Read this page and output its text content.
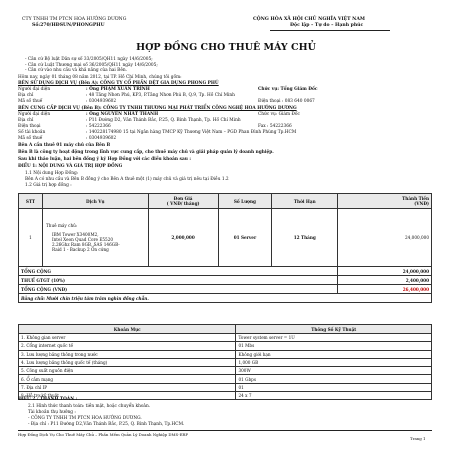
CTY TNHH TM PTCN HOA HƯỚNG DƯƠNG
Số:270/HĐSUN/PHONGPHU
CỘNG HÒA XÃ HỘI CHỦ NGHĨA VIỆT NAM
Độc lập – Tự do – Hạnh phúc
HỢP ĐỒNG CHO THUÊ MÁY CHỦ
- Căn cứ Bộ luật Dân sự số 33/2005/QH11 ngày 14/6/2005;
- Căn cứ Luật Thương mại số 36/2005/QH11 ngày 14/6/2005;
- Căn cứ vào nhu cầu và khả năng của hai Bên.
Hôm nay, ngày 01 tháng 08 năm 2012, tại TP. Hồ Chí Minh, chúng tôi gồm:
BÊN SỬ DỤNG DỊCH VỤ (Bên A): CÔNG TY CỔ PHẦN DỆT GIA DỤNG PHONG PHÚ
Người đại diện	: Ông PHẠM XUÂN TRÌNH	Chức vụ: Tổng Giám Đốc
Địa chỉ	: 48 Tăng Nhơn Phú, KP3, P.Tăng Nhơn Phú B, Q.9, Tp. Hồ Chí Minh
Mã số thuế	: 0304939602	Điện thoại : 083 640 0067
BÊN CUNG CẤP DỊCH VỤ (Bên B): CÔNG TY TNHH THƯƠNG MẠI PHÁT TRIỂN CÔNG NGHỆ HOA HƯỚNG DƯƠNG
Người đại diện	: Ông NGUYỄN NHẤT THANH	Chức vụ: Giám Đốc
Địa chỉ	: P11 Đường D2, Văn Thánh Bắc, P.25, Q. Bình Thạnh, Tp. Hồ Chí Minh
Điện thoại	: 54222366	Fax : 54222366
Số tài khoản	: 140228174980 15 tại Ngân hàng TMCP Kỹ Thương Việt Nam – PGD Phan Đình Phùng Tp.HCM
Mã số thuế	: 0304939602
Bên A cần thuê 01 máy chủ của Bên B
Bên B là công ty hoạt động trong lĩnh vực cung cấp, cho thuê máy chủ và giải pháp quản lý doanh nghiệp.
Sau khi thảo luận, hai bên đồng ý ký Hợp Đồng với các điều khoản sau :
ĐIỀU 1: NỘI DUNG VÀ GIÁ TRỊ HỢP ĐỒNG
1.1 Nội dung Hợp Đồng:
Bên A có nhu cầu và Bên B đồng ý cho Bên A thuê một (1) máy chủ và giá trị nêu tại Điều 1.2
1.2 Giá trị hợp đồng :
STT	Dịch Vụ	Đơn Giá
( VNĐ/ tháng)	Số Lượng	Thời Hạn	Thành Tiền
(VNĐ)
1	Thuê máy chủ:
IBM Tower X3400M2,
Intel Xeon Quad Core E5520
2.26Ghz Ram 8GB, SAS 146GB-
Raid 1 - Backup 2 Ổn cứng	2,000,000	01 Server	12 Tháng	24,000,000
TỔNG CỘNG					24,000,000
THUẾ GTGT (10%)					2,400,000
TỔNG CỘNG (VNĐ)					26,400,000
Bằng chữ: Mười chín triệu tám trăm nghìn đồng chẵn.					
Khoản Mục	Thông Số Kỹ Thuật
1. Không gian server	Tower system server = 1U
2. Cổng internet quốc tế	01 Mbs
3. Lưu lượng băng thông trong nước	Không giới hạn
4. Lưu lượng băng thông quốc tế (tháng)	1,000 GB
5. Công suất nguồn điện	300W
6. Ổ cắm mạng	01 Gbps
7. Địa chỉ IP	01
8. Hỗ trợ kỹ thuật	24 x 7
ĐIỀU 2 : THANH TOÁN :
2.1 Hình thức thanh toán: tiền mặt, hoặc chuyển khoản.
Tài khoản thụ hưởng :
- CÔNG TY TNHH TM PTCN HOA HƯỚNG DƯƠNG.
- Địa chỉ : P11 Đường D2,Văn Thánh Bắc, P.25, Q. Bình Thạnh, Tp.HCM.
Hợp Đồng Dịch Vụ Cho Thuê Máy Chủ – Phần Mềm Quản Lý Doanh Nghiệp DMS-ERP
Trang 1
